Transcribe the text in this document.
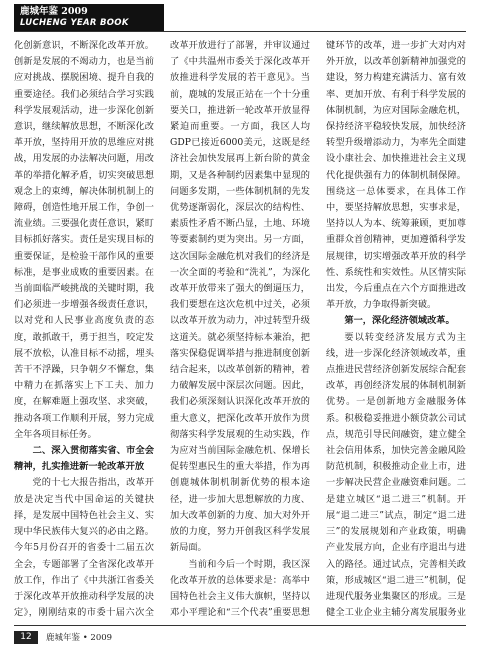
鹿城年鉴 2009
LUCHENG YEAR BOOK

化创新意识，不断深化改革开放。创新是发展的不竭动力，也是当前应对挑战、摆脱困境、提升自我的重要途径。我们必须结合学习实践科学发展观活动，进一步深化创新意识，继续解放思想，不断深化改革开放，坚持用开放的思维应对挑战，用发展的办法解决问题，用改革的举措化解矛盾，切实突破思想观念上的束缚，解决体制机制上的障碍，创造性地开展工作，争创一流业绩。三要强化责任意识，紧盯目标抓好落实。责任是实现目标的重要保证，是检验干部作风的重要标准，是事业成败的重要因素。在当前面临严峻挑战的关键时期，我们必须进一步增强各级责任意识，以对党和人民事业高度负责的态度，敢抓敢干，勇于担当，咬定发展不放松，认准目标不动摇，埋头苦干不浮躁，只争朝夕不懈怠，集中精力在抓落实上下工夫、加力度，在解难题上强攻坚、求突破，推动各项工作顺利开展，努力完成全年各项目标任务。

二、深入贯彻落实省、市全会精神，扎实推进新一轮改革开放

党的十七大报告指出，改革开放是决定当代中国命运的关键抉择，是发展中国特色社会主义、实现中华民族伟大复兴的必由之路。今年5月份召开的省委十二届五次全会，专题部署了全省深化改革开放工作，作出了《中共浙江省委关于深化改革开放推动科学发展的决定》，刚刚结束的市委十届六次全

改革开放进行了部署，并审议通过了《中共温州市委关于深化改革开放推进科学发展的若干意见》。当前，鹿城的发展正站在一个十分重要关口，推进新一轮改革开放显得紧迫而重要。一方面，我区人均GDP已接近6000美元，这既是经济社会加快发展再上新台阶的黄金期，又是各种制约因素集中显现的问题多发期，一些体制机制的先发优势逐渐弱化，深层次的结构性、素质性矛盾不断凸显，土地、环境等要素制约更为突出。另一方面，这次国际金融危机对我们的经济是一次全面的考验和“洗礼”，为深化改革开放带来了强大的倒逼压力，我们要想在这次危机中过关，必须以改革开放为动力，冲过转型升级这道关。就必须坚持标本兼治，把落实保稳促调举措与推进制度创新结合起来，以改革创新的精神，着力破解发展中深层次问题。因此，我们必须深刻认识深化改革开放的重大意义，把深化改革开放作为贯彻落实科学发展观的生动实践，作为应对当前国际金融危机、保增长促转型惠民生的重大举措，作为再创鹿城体制机制新优势的根本途径，进一步加大思想解放的力度、加大改革创新的力度、加大对外开放的力度，努力开创我区科学发展新局面。

当前和今后一个时期，我区深化改革开放的总体要求是：高举中国特色社会主义伟大旗帜，坚持以邓小平理论和“三个代表”重要思想

键环节的改革，进一步扩大对内对外开放，以改革创新精神加强党的建设，努力构建充满活力、富有效率、更加开放、有利于科学发展的体制机制，为应对国际金融危机，保持经济平稳较快发展，加快经济转型升级增添动力，为率先全面建设小康社会、加快推进社会主义现代化提供强有力的体制机制保障。围绕这一总体要求，在具体工作中，要坚持解放思想，实事求是，坚持以人为本、统筹兼顾，更加尊重群众首创精神，更加遵循科学发展规律，切实增强改革开放的科学性、系统性和实效性。从区情实际出发，今后重点在六个方面推进改革开放，力争取得新突破。

第一，深化经济领域改革。

要以转变经济发展方式为主线，进一步深化经济领域改革，重点推进民营经济创新发展综合配套改革，再创经济发展的体制机制新优势。一是创新地方金融服务体系。积极稳妥推进小额贷款公司试点，规范引导民间融资，建立健全社会信用体系，加快完善金融风险防范机制，积极推动企业上市，进一步解决民营企业融资难问题。二是建立城区“退二进三”机制。开展“退二进三”试点，制定“退二进三”的发展规划和产业政策，明确产业发展方向，企业有序退出与进入的路径。通过试点，完善相关政策，形成城区“退二进三”机制，促进现代服务业集聚区的形成。三是健全工业企业主辅分离发展服务业

12	鹿城年鉴 • 2009
